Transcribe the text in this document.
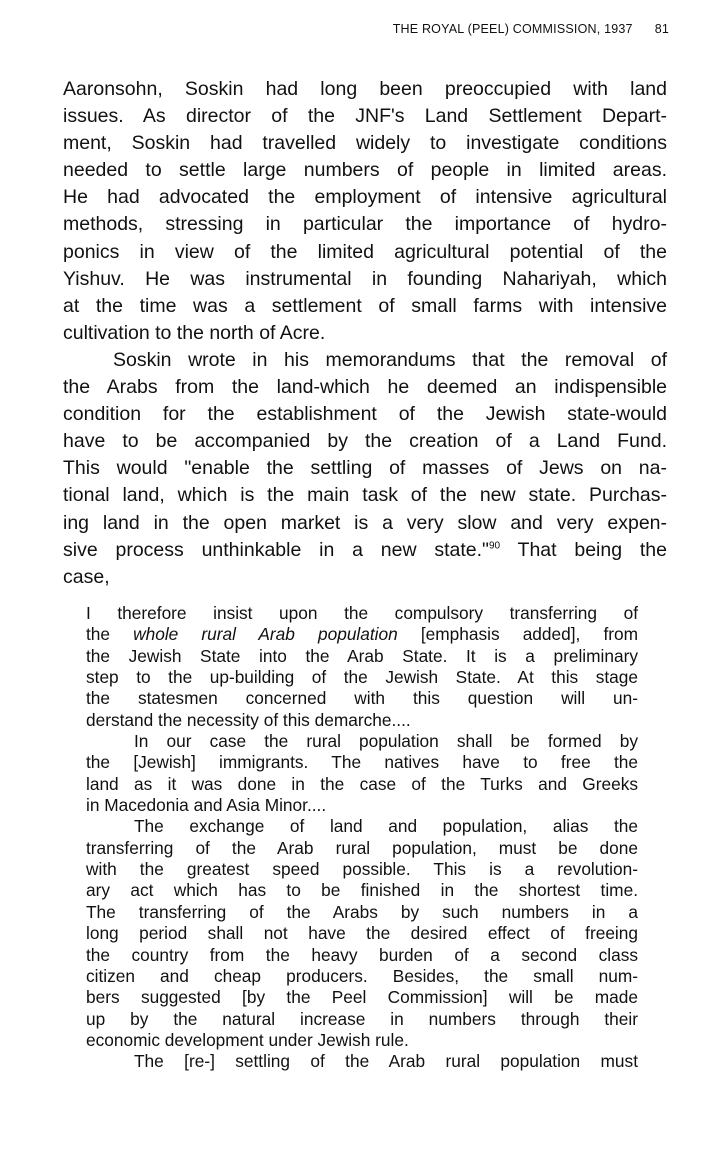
THE ROYAL (PEEL) COMMISSION, 1937 81
Aaronsohn, Soskin had long been preoccupied with land
issues. As director of the JNF's Land Settlement Depart-
ment, Soskin had travelled widely to investigate conditions
needed to settle large numbers of people in limited areas.
He had advocated the employment of intensive agricultural
methods, stressing in particular the importance of hydro-
ponics in view of the limited agricultural potential of the
Yishuv. He was instrumental in founding Nahariyah, which
at the time was a settlement of small farms with intensive
cultivation to the north of Acre.
Soskin wrote in his memorandums that the removal of
the Arabs from the land-which he deemed an indispensible
condition for the establishment of the Jewish state-would
have to be accompanied by the creation of a Land Fund.
This would "enable the settling of masses of Jews on na-
tional land, which is the main task of the new state. Purchas-
ing land in the open market is a very slow and very expen-
sive process unthinkable in a new state."$^{90}$ That being the
case,
I therefore insist upon the compulsory transferring of
the whole rural Arab population [emphasis added], from
the Jewish State into the Arab State. It is a preliminary
step to the up-building of the Jewish State. At this stage
the statesmen concerned with this question will un-
derstand the necessity of this demarche....
In our case the rural population shall be formed by
the [Jewish] immigrants. The natives have to free the
land as it was done in the case of the Turks and Greeks
in Macedonia and Asia Minor....
The exchange of land and population, alias the
transferring of the Arab rural population, must be done
with the greatest speed possible. This is a revolution-
ary act which has to be finished in the shortest time.
The transferring of the Arabs by such numbers in a
long period shall not have the desired effect of freeing
the country from the heavy burden of a second class
citizen and cheap producers. Besides, the small num-
bers suggested [by the Peel Commission] will be made
up by the natural increase in numbers through their
economic development under Jewish rule.
The [re-] settling of the Arab rural population must
